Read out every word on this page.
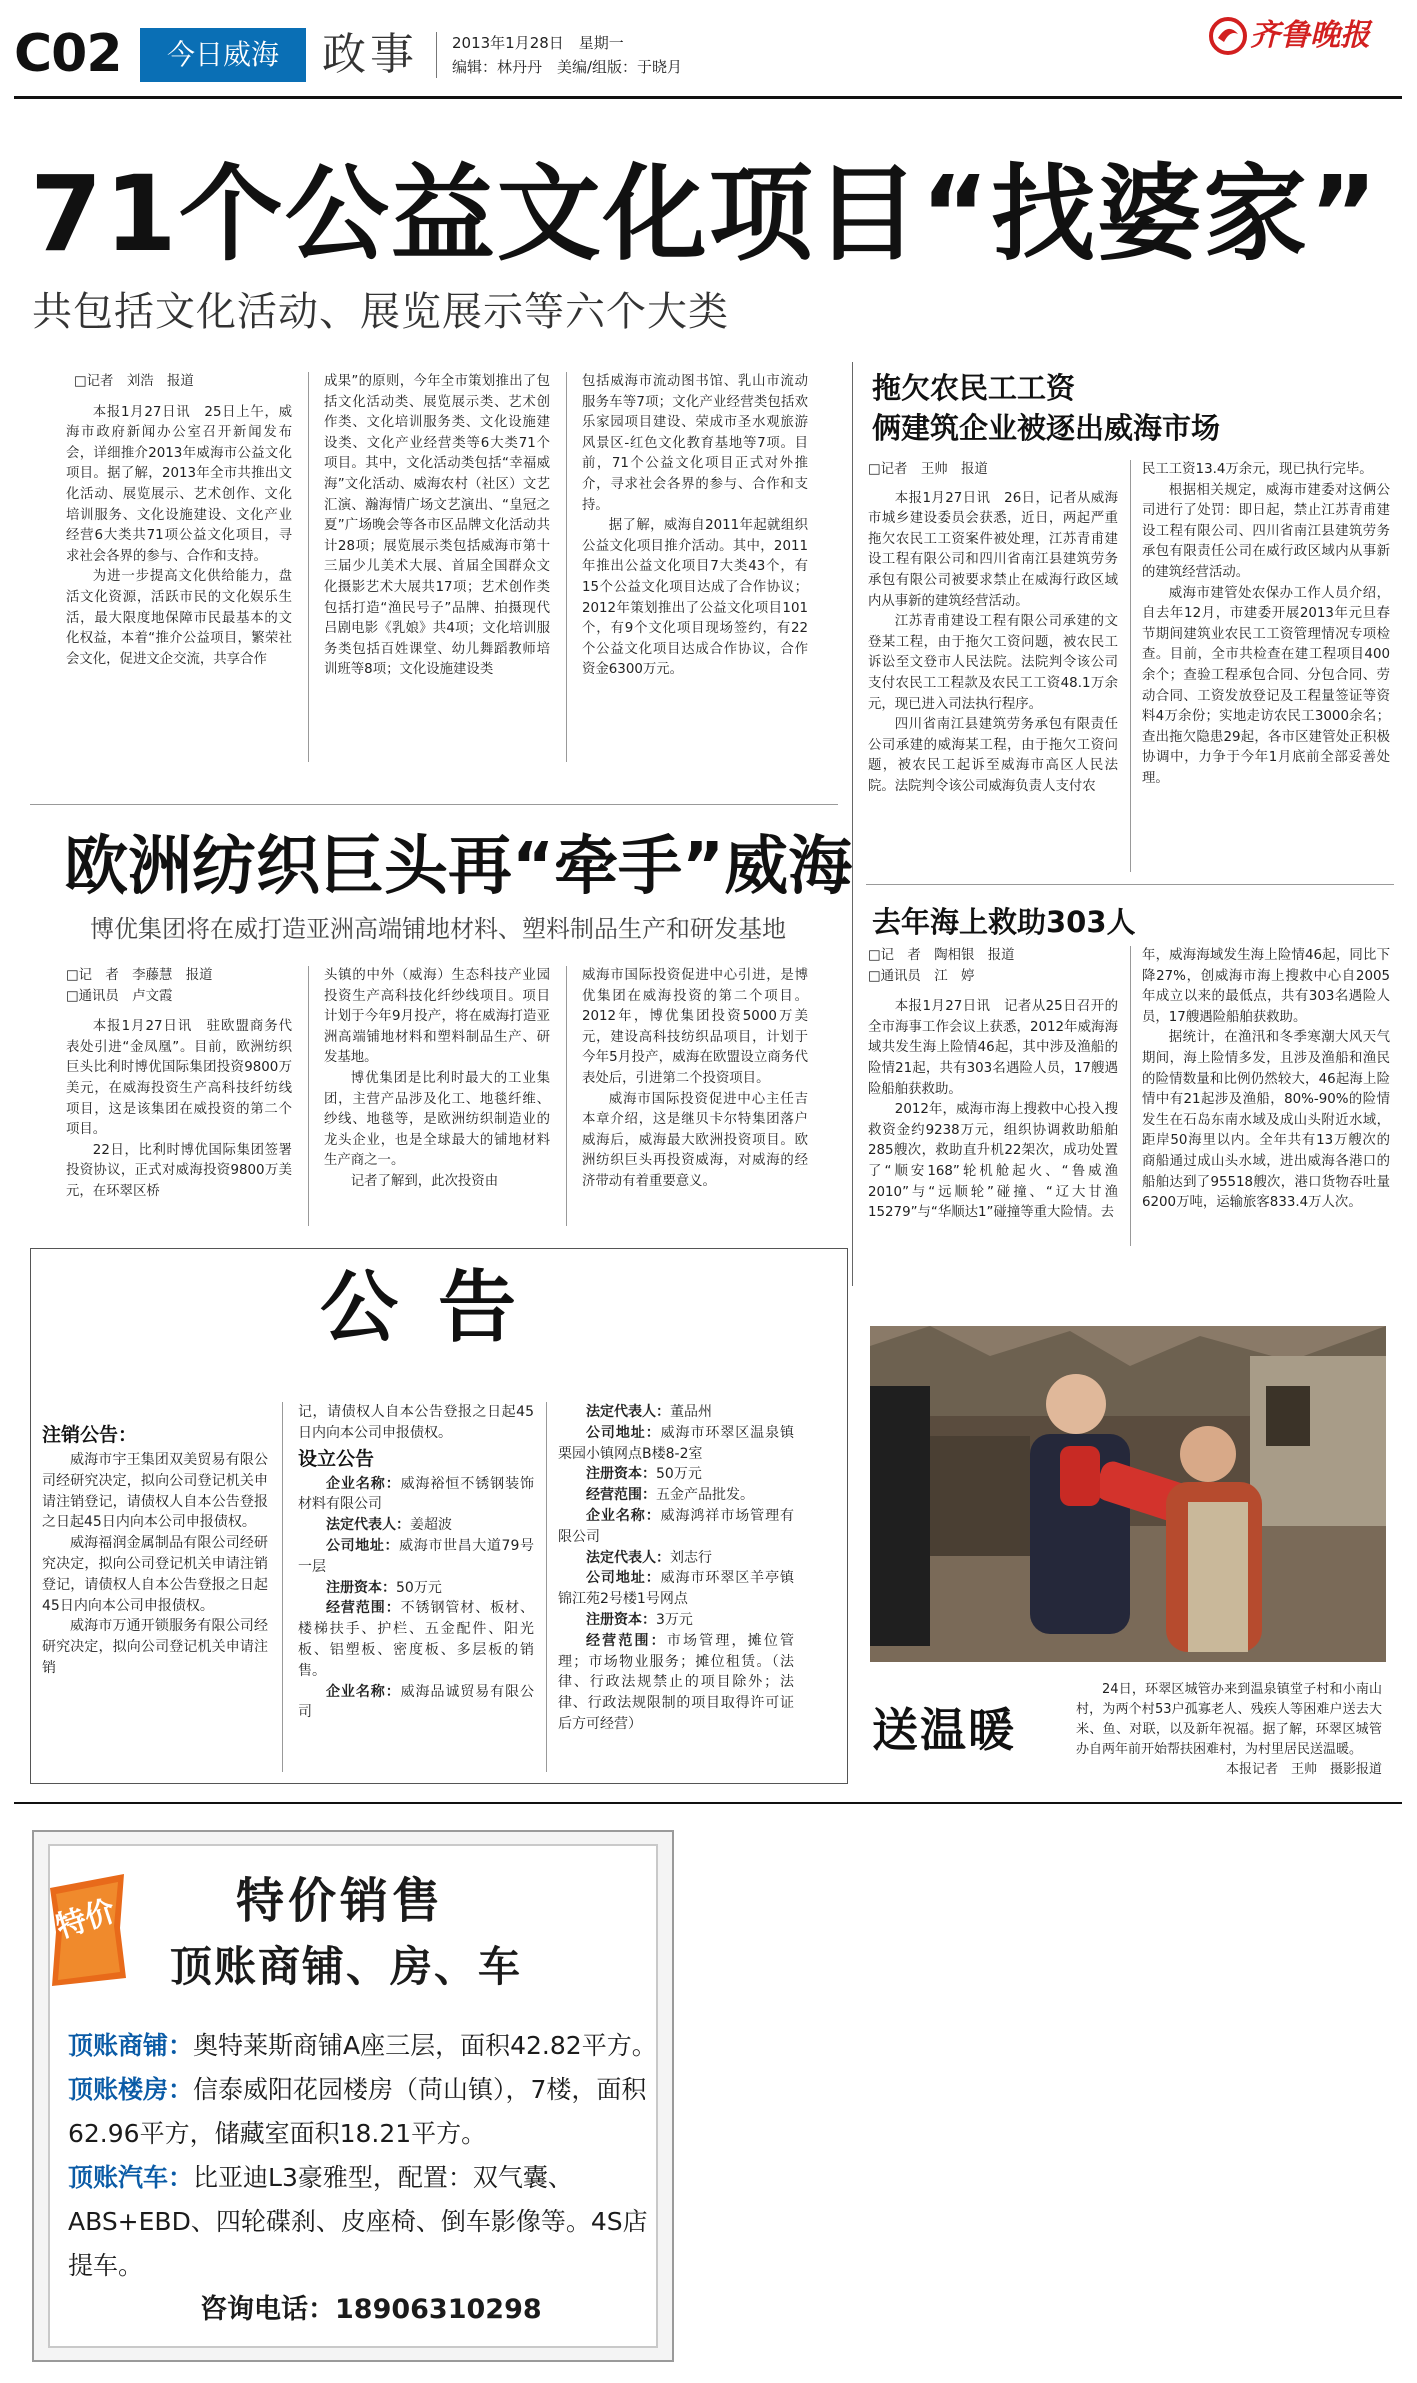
C02	今日威海 政事 2013年1月28日　星期一
编辑：林丹丹　美编/组版：于晓月
齐鲁晚报
71个公益文化项目“找婆家”
共包括文化活动、展览展示等六个大类
□记者　刘浩　报道

本报1月27日讯　25日上午，威海市政府新闻办公室召开新闻发布会，详细推介2013年威海市公益文化项目。据了解，2013年全市共推出文化活动、展览展示、艺术创作、文化培训服务、文化设施建设、文化产业经营6大类共71项公益文化项目，寻求社会各界的参与、合作和支持。

为进一步提高文化供给能力，盘活文化资源，活跃市民的文化娱乐生活，最大限度地保障市民最基本的文化权益，本着“推介公益项目，繁荣社会文化，促进文企交流，共享合作

成果”的原则，今年全市策划推出了包括文化活动类、展览展示类、艺术创作类、文化培训服务类、文化设施建设类、文化产业经营类等6大类71个项目。其中，文化活动类包括“幸福威海”文化活动、威海农村（社区）文艺汇演、瀚海情广场文艺演出、“皇冠之夏”广场晚会等各市区品牌文化活动共计28项；展览展示类包括威海市第十三届少儿美术大展、首届全国群众文化摄影艺术大展共17项；艺术创作类包括打造“渔民号子”品牌、拍摄现代吕剧电影《乳娘》共4项；文化培训服务类包括百姓课堂、幼儿舞蹈教师培训班等8项；文化设施建设类
包括威海市流动图书馆、乳山市流动服务车等7项；文化产业经营类包括欢乐家园项目建设、荣成市圣水观旅游风景区-红色文化教育基地等7项。目前，71个公益文化项目正式对外推介，寻求社会各界的参与、合作和支持。

据了解，威海自2011年起就组织公益文化项目推介活动。其中，2011年推出公益文化项目7大类43个，有15个公益文化项目达成了合作协议；2012年策划推出了公益文化项目101个，有9个文化项目现场签约，有22个公益文化项目达成合作协议，合作资金6300万元。

拖欠农民工工资
俩建筑企业被逐出威海市场
□记者　王帅　报道

本报1月27日讯　26日，记者从威海市城乡建设委员会获悉，近日，两起严重拖欠农民工工资案件被处理，江苏青甫建设工程有限公司和四川省南江县建筑劳务承包有限公司被要求禁止在威海行政区域内从事新的建筑经营活动。

江苏青甫建设工程有限公司承建的文登某工程，由于拖欠工资问题，被农民工诉讼至文登市人民法院。法院判令该公司支付农民工工程款及农民工工资48.1万余元，现已进入司法执行程序。

四川省南江县建筑劳务承包有限责任公司承建的威海某工程，由于拖欠工资问题，被农民工起诉至威海市高区人民法院。法院判令该公司威海负责人支付农

民工工资13.4万余元，现已执行完毕。

根据相关规定，威海市建委对这俩公司进行了处罚：即日起，禁止江苏青甫建设工程有限公司、四川省南江县建筑劳务承包有限责任公司在威行政区域内从事新的建筑经营活动。

威海市建管处农保办工作人员介绍，自去年12月，市建委开展2013年元旦春节期间建筑业农民工工资管理情况专项检查。目前，全市共检查在建工程项目400余个；查验工程承包合同、分包合同、劳动合同、工资发放登记及工程量签证等资料4万余份；实地走访农民工3000余名；查出拖欠隐患29起，各市区建管处正积极协调中，力争于今年1月底前全部妥善处理。

欧洲纺织巨头再“牵手”威海
博优集团将在威打造亚洲高端铺地材料、塑料制品生产和研发基地
□记　者　李藤慧　报道
□通讯员　卢文霞

本报1月27日讯　驻欧盟商务代表处引进“金凤凰”。目前，欧洲纺织巨头比利时博优国际集团投资9800万美元，在威海投资生产高科技纤纺线项目，这是该集团在威投资的第二个项目。

22日，比利时博优国际集团签署投资协议，正式对威海投资9800万美元，在环翠区桥

头镇的中外（威海）生态科技产业园投资生产高科技化纤纱线项目。项目计划于今年9月投产，将在威海打造亚洲高端铺地材料和塑料制品生产、研发基地。

博优集团是比利时最大的工业集团，主营产品涉及化工、地毯纤维、纱线、地毯等，是欧洲纺织制造业的龙头企业，也是全球最大的铺地材料生产商之一。

记者了解到，此次投资由

威海市国际投资促进中心引进，是博优集团在威海投资的第二个项目。2012年，博优集团投资5000万美元，建设高科技纺织品项目，计划于今年5月投产，威海在欧盟设立商务代表处后，引进第二个投资项目。

威海市国际投资促进中心主任吉本章介绍，这是继贝卡尔特集团落户威海后，威海最大欧洲投资项目。欧洲纺织巨头再投资威海，对威海的经济带动有着重要意义。

去年海上救助303人
□记　者　陶相银　报道
□通讯员　江　婷

本报1月27日讯　记者从25日召开的全市海事工作会议上获悉，2012年威海海域共发生海上险情46起，其中涉及渔船的险情21起，共有303名遇险人员，17艘遇险船舶获救助。

2012年，威海市海上搜救中心投入搜救资金约9238万元，组织协调救助船舶285艘次，救助直升机22架次，成功处置了“顺安168”轮机舱起火、“鲁威渔2010”与“远顺轮”碰撞、“辽大甘渔15279”与“华顺达1”碰撞等重大险情。去

年，威海海域发生海上险情46起，同比下降27%，创威海市海上搜救中心自2005年成立以来的最低点，共有303名遇险人员，17艘遇险船舶获救助。

据统计，在渔汛和冬季寒潮大风天气期间，海上险情多发，且涉及渔船和渔民的险情数量和比例仍然较大，46起海上险情中有21起涉及渔船，80%-90%的险情发生在石岛东南水域及成山头附近水域，距岸50海里以内。全年共有13万艘次的商船通过成山头水域，进出威海各港口的船舶达到了95518艘次，港口货物吞吐量6200万吨，运输旅客833.4万人次。

公告
注销公告：

威海市宇王集团双美贸易有限公司经研究决定，拟向公司登记机关申请注销登记，请债权人自本公告登报之日起45日内向本公司申报债权。

威海福润金属制品有限公司经研究决定，拟向公司登记机关申请注销登记，请债权人自本公告登报之日起45日内向本公司申报债权。

威海市万通开锁服务有限公司经研究决定，拟向公司登记机关申请注销

记，请债权人自本公告登报之日起45日内向本公司申报债权。
设立公告
企业名称：威海裕恒不锈钢装饰材料有限公司
法定代表人：姜超波
公司地址：威海市世昌大道79号一层
注册资本：50万元
经营范围：不锈钢管材、板材、楼梯扶手、护栏、五金配件、阳光板、铝塑板、密度板、多层板的销售。
企业名称：威海品诚贸易有限公司
法定代表人：董品州
公司地址：威海市环翠区温泉镇栗园小镇网点B楼8-2室
注册资本：50万元
经营范围：五金产品批发。
企业名称：威海鸿祥市场管理有限公司
法定代表人：刘志行
公司地址：威海市环翠区羊亭镇锦江苑2号楼1号网点
注册资本：3万元
经营范围：市场管理，摊位管理；市场物业服务；摊位租赁。（法律、行政法规禁止的项目除外；法律、行政法规限制的项目取得许可证后方可经营）
24日，环翠区城管办来到温泉镇堂子村和小南山村，为两个村53户孤寡老人、残疾人等困难户送去大米、鱼、对联，以及新年祝福。据了解，环翠区城管办自两年前开始帮扶困难村，为村里居民送温暖。
本报记者　王帅　摄影报道
送温暖
特价 特价销售
顶账商铺、房、车
顶账商铺：奥特莱斯商铺A座三层，面积42.82平方。
顶账楼房：信泰威阳花园楼房（苘山镇），7楼，面积62.96平方，储藏室面积18.21平方。
顶账汽车：比亚迪L3豪雅型，配置：双气囊、ABS+EBD、四轮碟刹、皮座椅、倒车影像等。4S店提车。
咨询电话：18906310298
